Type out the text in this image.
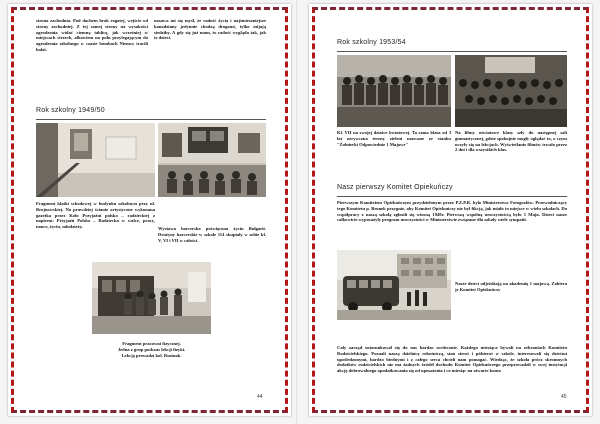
strona zachodnia. Pod dachem brak rogatej, wejście od strony zachodniej. Z tej samej strony na wysokości ogrodzenia widać ciemną tablicę, jak wcześniej w miejscach strzech, albowiem na polu przylegającym do ogrodzenia szkolnego w czasie bombach Niemcy tracili ludzi.
nasawa mi się myśl, że radość życia i najśmieszniejsze kanadziany jedynnie chodzą drogami, tylko mijają siedziby. A gdy się już mam, to radość wygląda tak, jak te dzieci.
Rok szkolny 1949/50
Fragment klatki schodowej w budynku szkolnym przy ul. Brojnowskiej. Na prawdziej ścianie artystyczne wykonana gazetka przez Koło Przyjaźni polsko – radzieckiej z napisem: Przyjaźń Polsko – Radziecka w walce, pracy, nauce, życiu, młodzieży.	Wystawa harcerska poświęcona życiu Bułgarii. Drużyny harcerskie w szkole 114 skupiały w sobie kl. V, VI i VII w całości.
Fragment pracowni fizycznej.
Jedna z grup podczas lekcji fizyki.
Lekcję prowadzi kol. Rusinak.
44
Rok szkolny 1953/54
Kl. VII na swojej dziatce kwiatowej. Ta sama klasa od 3 lat ozrywczna tereny zieleni nazwane ze stanku "Żołnierki Odpowiednie 1 Majowe"
Na filmy oświatowe klasy szły do następnej sali gimnastycznej, gdzie spokojnie mogły oglądać to, o czym uczyły się na lekcjach. Wyświetlanie filmów trwało przez 2 dni i dla wszystkich klas.
Nasz pierwszy Komitet Opiekuńczy
Pierwszym Komitetem Opiekuńczym przydzielonym przez P.Z.P.R. było Ministerstwo Fotografów. Przewodniczący tego Komitetu p. Bronek przygniz. aby Komitet Opiekuńczy nie był fikcją, jak miało to miejsce w wielu szkołach. Do współpracy z naszą szkołą zgłosili się wiosną 1949r. Pierwszą wspólną uroczystością było 1 Maja. Dzieci nasze całkowicie wyposażyły program uroczystości w Ministerstwie związane dla szkoły wiele sympatii.
Nasze dzieci odjeżdżają na akademię 1 majową. Zabiera je Komitet Opiekuńczy
Cały zarząd ustosunkował się do nas bardzo serdecznie. Każdego miesiąca bywali na zebraniach Komitetu Rodzicielskiego. Poznali naszą dzielnicę robotniczą, stan sierot i półsierot w szkole, interesowali się dziećmi upośledzonymi, bardzo biednymi i z całego serca chcieli nam pomagać. Wiedząc, że szkoła prócz skromnych dodatków rodzicielskich nie ma żadnych źródeł dochodu Komitet Opiekuńczego przeprowadził w swej instytucji akcję dobrowolnego opodatkowania się od uposażenia i co miesiąc na otwarte konto
45
